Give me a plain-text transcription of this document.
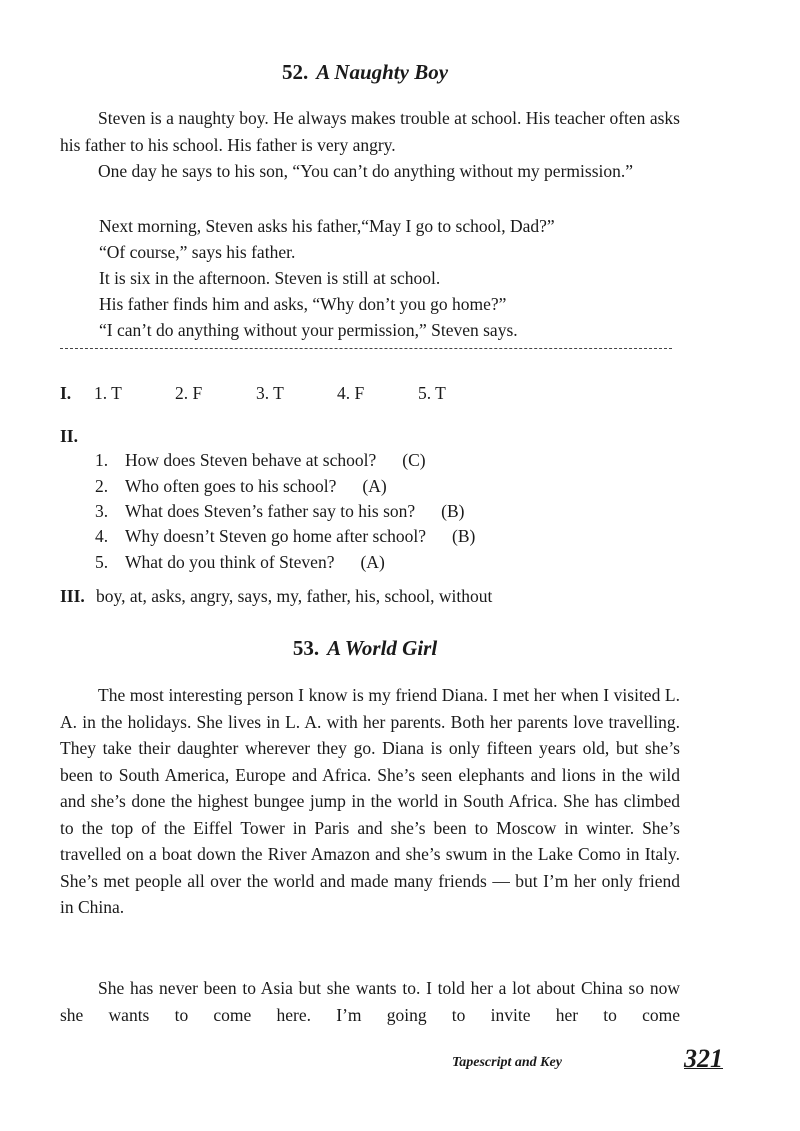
52. A Naughty Boy

Steven is a naughty boy. He always makes trouble at school. His teacher often asks his father to his school. His father is very angry.

One day he says to his son, “You can’t do anything without my permission.”

Next morning, Steven asks his father,“May I go to school, Dad?”
“Of course,” says his father.
It is six in the afternoon. Steven is still at school.
His father finds him and asks, “Why don’t you go home?”
“I can’t do anything without your permission,” Steven says.
I. 1. T	2. F	3. T	4. F	5. T
II.
1. How does Steven behave at school? (C)
2. Who often goes to his school? (A)
3. What does Steven’s father say to his son? (B)
4. Why doesn’t Steven go home after school? (B)
5. What do you think of Steven? (A)
III. boy, at, asks, angry, says, my, father, his, school, without
53. A World Girl

The most interesting person I know is my friend Diana. I met her when I visited L. A. in the holidays. She lives in L. A. with her parents. Both her parents love travelling. They take their daughter wherever they go. Diana is only fifteen years old, but she’s been to South America, Europe and Africa. She’s seen elephants and lions in the wild and she’s done the highest bungee jump in the world in South Africa. She has climbed to the top of the Eiffel Tower in Paris and she’s been to Moscow in winter. She’s travelled on a boat down the River Amazon and she’s swum in the Lake Como in Italy. She’s met people all over the world and made many friends — but I’m her only friend in China.

She has never been to Asia but she wants to. I told her a lot about China so now she wants to come here. I’m going to invite her to come

Tapescript and Key	321
